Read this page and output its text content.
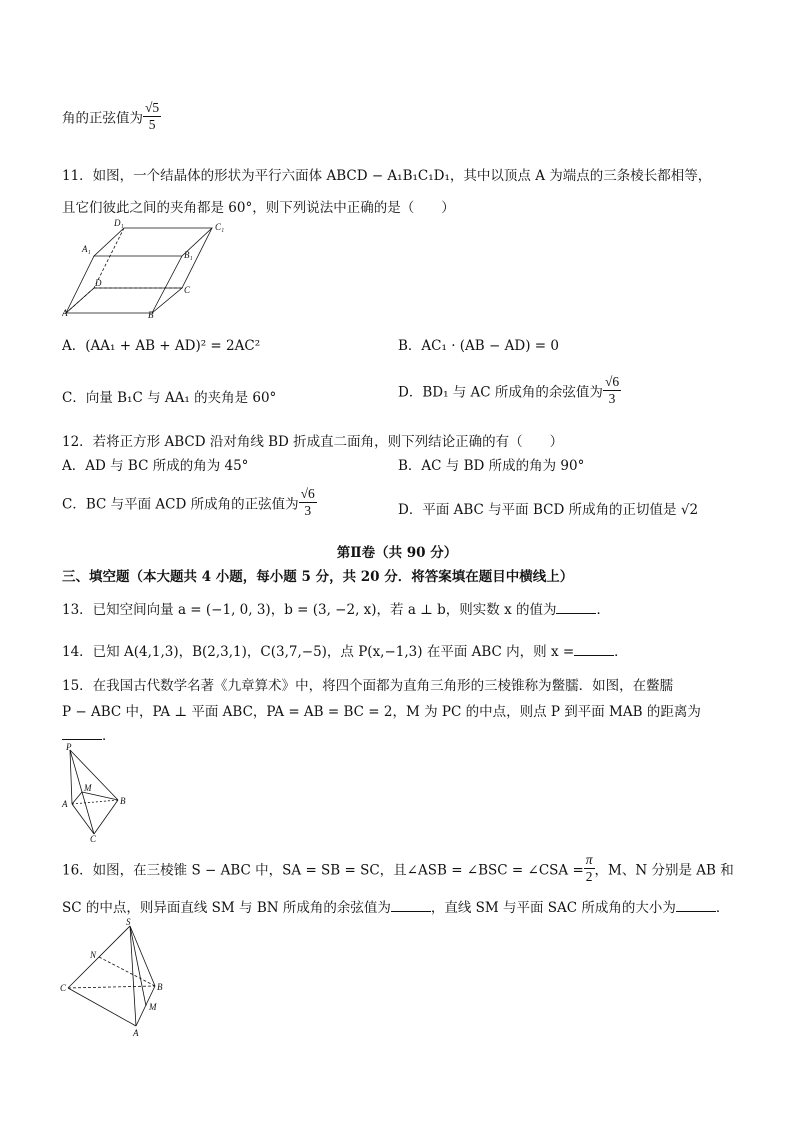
角的正弦值为 $\frac{√5}{5}$
11．如图，一个结晶体的形状为平行六面体 ABCD − A₁B₁C₁D₁，其中以顶点 A 为端点的三条棱长都相等，
且它们彼此之间的夹角都是 60°，则下列说法中正确的是（　　）
D₁	C₁
A₁
B₁
D
C
A	B
A．(AA₁ + AB + AD)² = 2AC²	B．AC₁ · (AB − AD) = 0
C．向量 B₁C 与 AA₁ 的夹角是 60°	D．BD₁ 与 AC 所成角的余弦值为 $\frac{√6}{3}$
12．若将正方形 ABCD 沿对角线 BD 折成直二面角，则下列结论正确的有（　　）
A．AD 与 BC 所成的角为 45°	B．AC 与 BD 所成的角为 90°
C．BC 与平面 ACD 所成角的正弦值为 $\frac{√6}{3}$	D．平面 ABC 与平面 BCD 所成角的正切值是 √2
第Ⅱ卷（共 90 分）
三、填空题（本大题共 4 小题，每小题 5 分，共 20 分．将答案填在题目中横线上）
13．已知空间向量 a = (−1, 0, 3)，b = (3, −2, x)，若 a ⊥ b，则实数 x 的值为	．
14．已知 A(4,1,3)，B(2,3,1)，C(3,7,−5)，点 P(x,−1,3) 在平面 ABC 内，则 x =	．
15．在我国古代数学名著《九章算术》中，将四个面都为直角三角形的三棱锥称为鳖臑．如图，在鳖臑
P − ABC 中，PA ⊥ 平面 ABC，PA = AB = BC = 2，M 为 PC 的中点，则点 P 到平面 MAB 的距离为
．
P
M
A	B
C
16．如图，在三棱锥 S − ABC 中，SA = SB = SC，且∠ASB = ∠BSC = ∠CSA = $\frac{\pi}{2}$ ，M、N 分别是 AB 和
SC 的中点，则异面直线 SM 与 BN 所成角的余弦值为	，直线 SM 与平面 SAC 所成角的大小为	．
S
N
C	B
M
A
